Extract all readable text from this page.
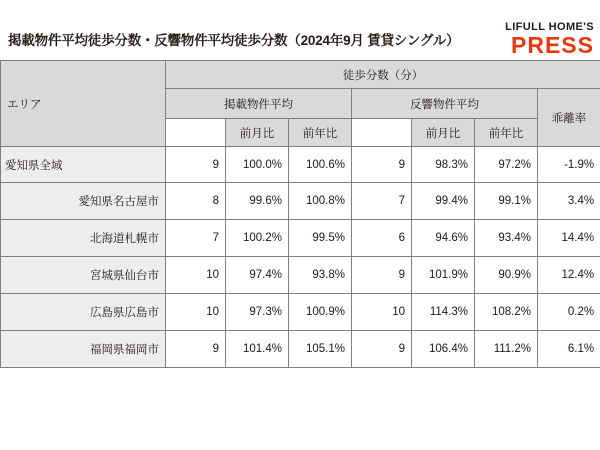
掲載物件平均徒歩分数・反響物件平均徒歩分数（2024年9月 賃貸シングル）
LIFULL HOME'S
PRESS
エリア	徒歩分数（分）						
	掲載物件平均			反響物件平均			乖離率
		前月比	前年比		前月比	前年比	
愛知県全域	9	100.0%	100.6%	9	98.3%	97.2%	-1.9%
愛知県名古屋市	8	99.6%	100.8%	7	99.4%	99.1%	3.4%
北海道札幌市	7	100.2%	99.5%	6	94.6%	93.4%	14.4%
宮城県仙台市	10	97.4%	93.8%	9	101.9%	90.9%	12.4%
広島県広島市	10	97.3%	100.9%	10	114.3%	108.2%	0.2%
福岡県福岡市	9	101.4%	105.1%	9	106.4%	111.2%	6.1%
